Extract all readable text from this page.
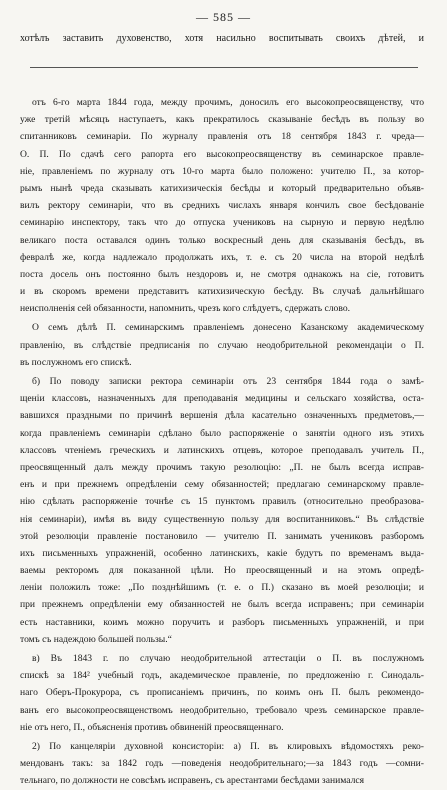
— 585 —
хотѣлъ заставить духовенство, хотя насильно воспитывать своихъ дѣтей, и
отъ 6-го марта 1844 года, между прочимъ, доносилъ его высокопреосвященству, что
уже третій мѣсяцъ наступаетъ, какъ прекратилось сказываніе бесѣдъ въ пользу во
спитанниковъ семинаріи. По журналу правленія отъ 18 сентября 1843 г. чреда—
О. П. По сдачѣ сего рапорта его высокопреосвященству въ семинарское правле-
ніе, правленіемъ по журналу отъ 10-го марта было положено: учителю П., за котор-
рымъ нынѣ чреда сказывать катихизическія бесѣды и который предварительно объяв-
вилъ ректору семинаріи, что въ среднихъ числахъ января кончилъ свое бесѣдованіе
семинарію инспектору, такъ что до отпуска учениковъ на сырную и первую недѣлю
великаго поста оставался одинъ только воскресный день для сказыванія бесѣдъ, въ
февралѣ же, когда надлежало продолжать ихъ, т. е. съ 20 числа на второй недѣлѣ
поста досель онъ постоянно былъ нездоровъ и, не смотря однакожъ на сіе, готовитъ
и въ скоромъ времени представитъ катихизическую бесѣду. Въ случаѣ дальнѣйшаго
неисполненія сей обязанности, напомнить, чрезъ кого слѣдуетъ, сдержать слово.
О семъ дѣлѣ П. семинарскимъ правленіемъ донесено Казанскому академическому
правленію, въ слѣдствіе предписанія по случаю неодобрительной рекомендаціи о П.
въ послужномъ его спискѣ.
б) По поводу записки ректора семинаріи отъ 23 сентября 1844 года о замѣ-
щеніи классовъ, назначенныхъ для преподаванія медицины и сельскаго хозяйства, оста-
вавшихся праздными по причинѣ вершенія дѣла касательно означенныхъ предметовъ,—
когда правленіемъ семинаріи сдѣлано было распоряженіе о занятіи одного изъ этихъ
классовъ чтеніемъ греческихъ и латинскихъ отцевъ, которое преподавалъ учитель П.,
преосвященный далъ между прочимъ такую резолюцію: „П. не былъ всегда исправ-
енъ и при прежнемъ опредѣленіи сему обязанностей; предлагаю семинарскому правле-
нію сдѣлать распоряженіе точнѣе съ 15 пунктомъ правилъ (относительно преобразова-
нія семинаріи), имѣя въ виду существенную пользу для воспитанниковъ.“ Въ слѣдствіе
этой резолюціи правленіе постановило — учителю П. занимать учениковъ разборомъ
ихъ письменныхъ упражненій, особенно латинскихъ, какіе будутъ по временамъ выда-
ваемы ректоромъ для показанной цѣли. Но преосвященный и на этомъ опредѣ-
леніи положилъ тоже: „По позднѣйшимъ (т. е. о П.) сказано въ моей резолюціи; и
при прежнемъ опредѣленіи ему обязанностей не былъ всегда исправенъ; при семинаріи
есть наставники, коимъ можно поручить и разборъ письменныхъ упражненій, и при
томъ съ надеждою большей пользы.“
в) Въ 1843 г. по случаю неодобрительной аттестаціи о П. въ послужномъ
спискѣ за 184² учебный годъ, академическое правленіе, по предложенію г. Синодаль-
наго Оберъ-Прокурора, съ прописаніемъ причинъ, по коимъ онъ П. былъ рекомендо-
ванъ его высокопреосвященствомъ неодобрительно, требовало чрезъ семинарское правле-
ніе отъ него, П., объясненія противъ обвиненій преосвященнаго.
2) По канцеляріи духовной консисторіи: а) П. въ клировыхъ вѣдомостяхъ реко-
мендованъ такъ: за 1842 годъ —поведенія неодобрительнаго;—за 1843 годъ —сомни-
тельнаго, по должности не совсѣмъ исправенъ, съ арестантами бесѣдами занимался
